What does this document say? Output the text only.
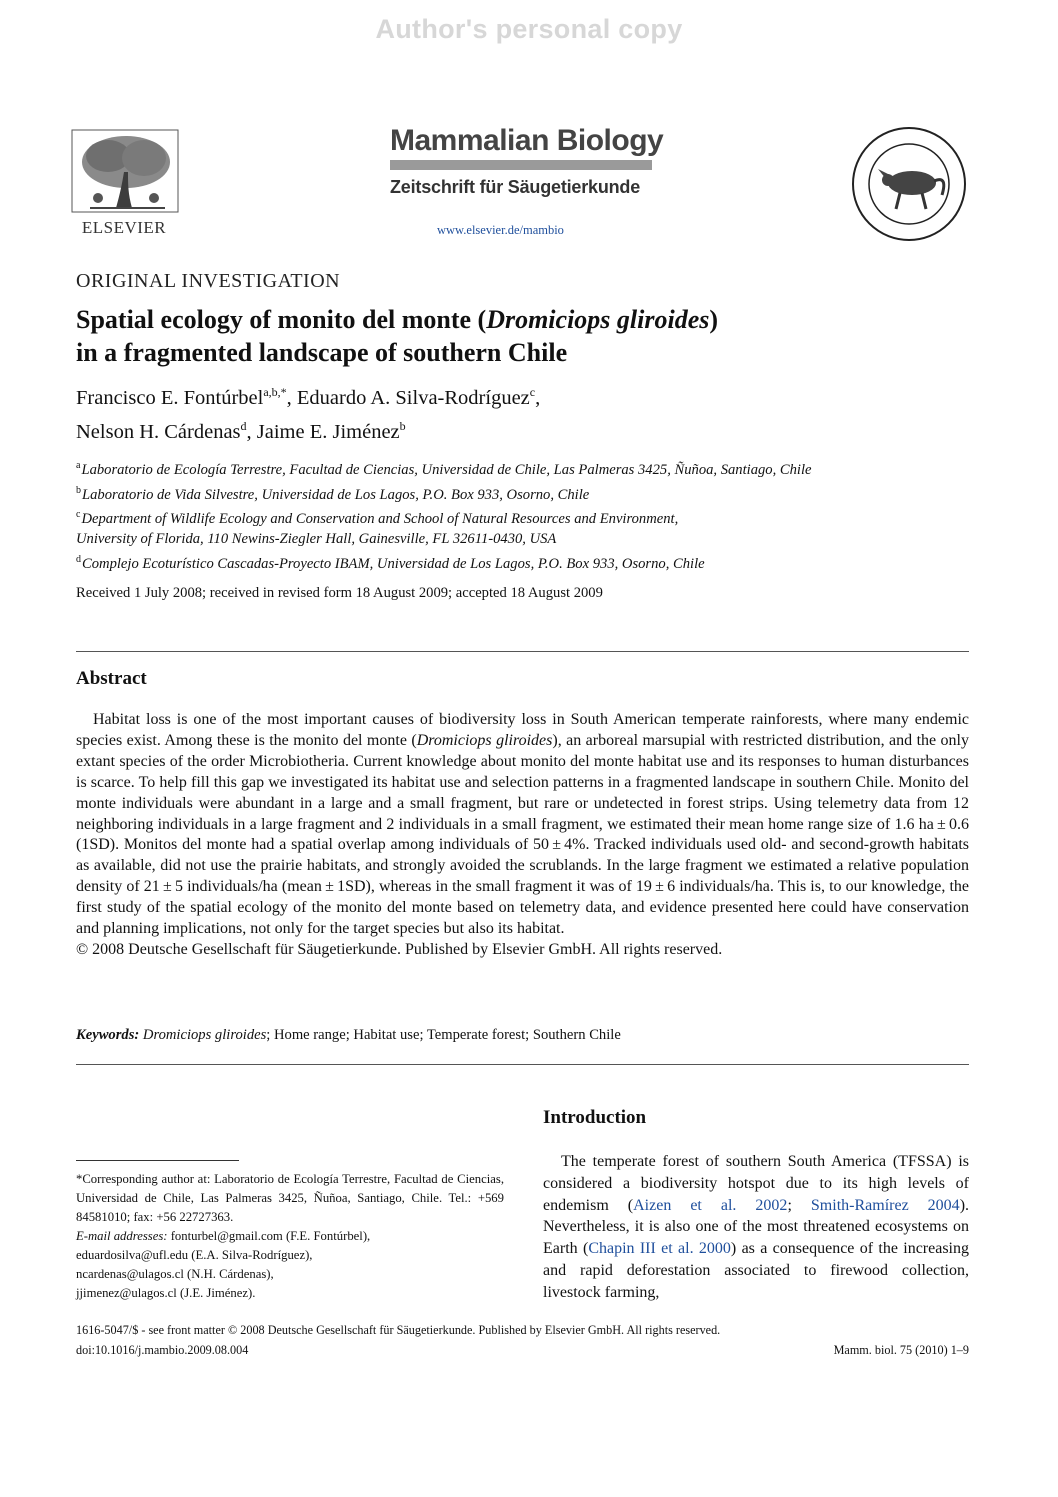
Author's personal copy
ELSEVIER
Mammalian Biology
Zeitschrift für Säugetierkunde
www.elsevier.de/mambio
ORIGINAL INVESTIGATION
Spatial ecology of monito del monte (Dromiciops gliroides)
in a fragmented landscape of southern Chile
Francisco E. Fontúrbel$^{a,b,*}$, Eduardo A. Silva-Rodríguez$^c$,
Nelson H. Cárdenas$^d$, Jaime E. Jiménez$^b$
$^a$Laboratorio de Ecología Terrestre, Facultad de Ciencias, Universidad de Chile, Las Palmeras 3425, Ñuñoa, Santiago, Chile
$^b$Laboratorio de Vida Silvestre, Universidad de Los Lagos, P.O. Box 933, Osorno, Chile
$^c$Department of Wildlife Ecology and Conservation and School of Natural Resources and Environment,
University of Florida, 110 Newins-Ziegler Hall, Gainesville, FL 32611-0430, USA
$^d$Complejo Ecoturístico Cascadas-Proyecto IBAM, Universidad de Los Lagos, P.O. Box 933, Osorno, Chile
Received 1 July 2008; received in revised form 18 August 2009; accepted 18 August 2009
Abstract

Habitat loss is one of the most important causes of biodiversity loss in South American temperate rainforests, where many endemic species exist. Among these is the monito del monte (Dromiciops gliroides), an arboreal marsupial with restricted distribution, and the only extant species of the order Microbiotheria. Current knowledge about monito del monte habitat use and its responses to human disturbances is scarce. To help fill this gap we investigated its habitat use and selection patterns in a fragmented landscape in southern Chile. Monito del monte individuals were abundant in a large and a small fragment, but rare or undetected in forest strips. Using telemetry data from 12 neighboring individuals in a large fragment and 2 individuals in a small fragment, we estimated their mean home range size of 1.6 ha ± 0.6 (1SD). Monitos del monte had a spatial overlap among individuals of 50 ± 4%. Tracked individuals used old- and second-growth habitats as available, did not use the prairie habitats, and strongly avoided the scrublands. In the large fragment we estimated a relative population density of 21 ± 5 individuals/ha (mean ± 1SD), whereas in the small fragment it was of 19 ± 6 individuals/ha. This is, to our knowledge, the first study of the spatial ecology of the monito del monte based on telemetry data, and evidence presented here could have conservation and planning implications, not only for the target species but also its habitat.

© 2008 Deutsche Gesellschaft für Säugetierkunde. Published by Elsevier GmbH. All rights reserved.

Keywords: Dromiciops gliroides; Home range; Habitat use; Temperate forest; Southern Chile
*Corresponding author at: Laboratorio de Ecología Terrestre, Facultad de Ciencias, Universidad de Chile, Las Palmeras 3425, Ñuñoa, Santiago, Chile. Tel.: +569 84581010; fax: +56 22727363.
E-mail addresses: fonturbel@gmail.com (F.E. Fontúrbel),
eduardosilva@ufl.edu (E.A. Silva-Rodríguez),
ncardenas@ulagos.cl (N.H. Cárdenas),
jjimenez@ulagos.cl (J.E. Jiménez).
Introduction

The temperate forest of southern South America (TFSSA) is considered a biodiversity hotspot due to its high levels of endemism (Aizen et al. 2002; Smith-Ramírez 2004). Nevertheless, it is also one of the most threatened ecosystems on Earth (Chapin III et al. 2000) as a consequence of the increasing and rapid deforestation associated to firewood collection, livestock farming,

1616-5047/$ - see front matter © 2008 Deutsche Gesellschaft für Säugetierkunde. Published by Elsevier GmbH. All rights reserved.
doi:10.1016/j.mambio.2009.08.004	Mamm. biol. 75 (2010) 1–9
